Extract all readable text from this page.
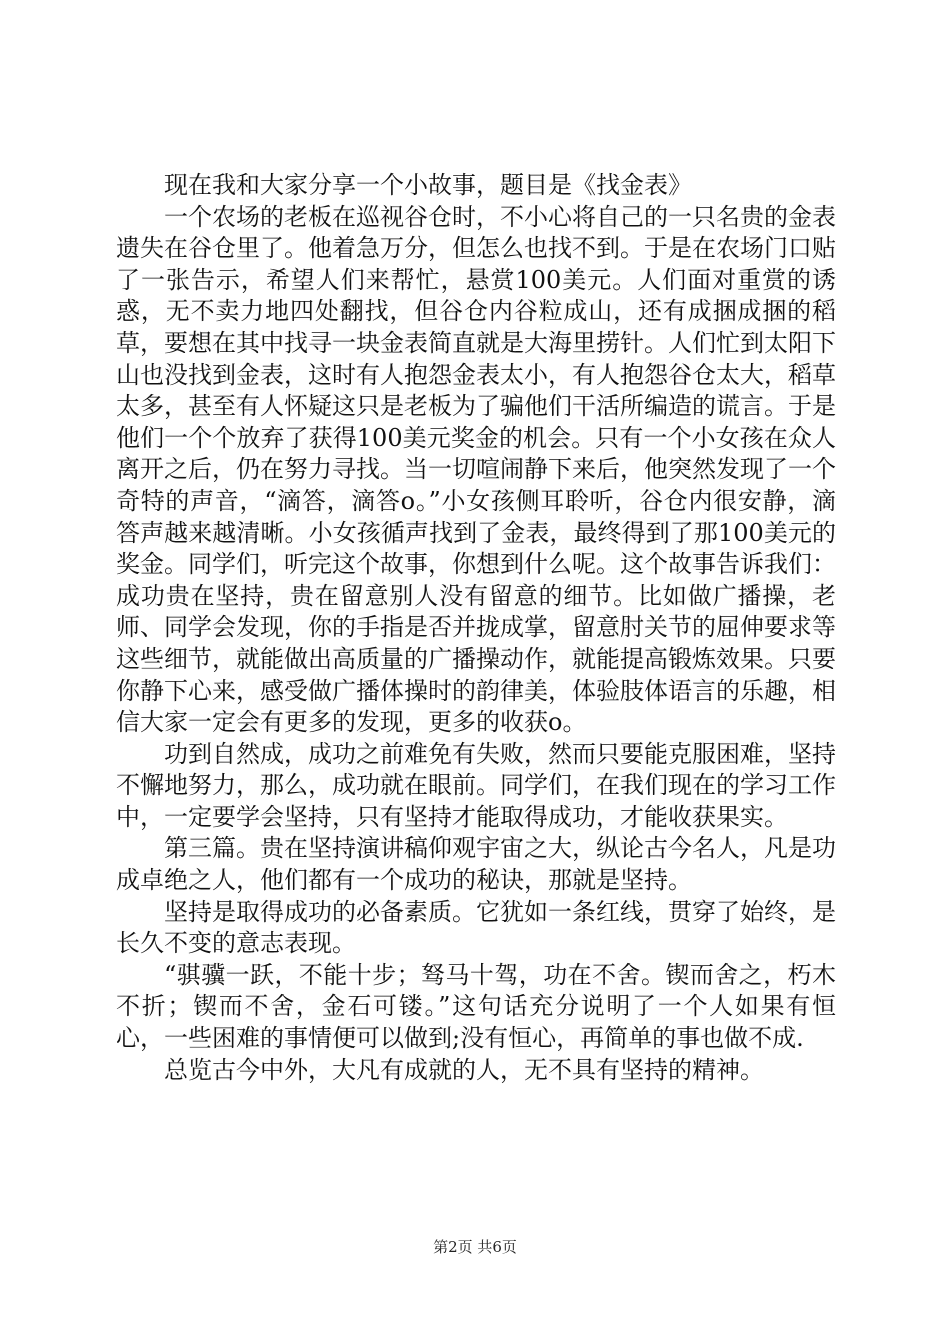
现在我和大家分享一个小故事，题目是《找金表》

一个农场的老板在巡视谷仓时，不小心将自己的一只名贵的金表遗失在谷仓里了。他着急万分，但怎么也找不到。于是在农场门口贴了一张告示，希望人们来帮忙，悬赏100美元。人们面对重赏的诱惑，无不卖力地四处翻找，但谷仓内谷粒成山，还有成捆成捆的稻草，要想在其中找寻一块金表简直就是大海里捞针。人们忙到太阳下山也没找到金表，这时有人抱怨金表太小，有人抱怨谷仓太大，稻草太多，甚至有人怀疑这只是老板为了骗他们干活所编造的谎言。于是他们一个个放弃了获得100美元奖金的机会。只有一个小女孩在众人离开之后，仍在努力寻找。当一切喧闹静下来后，他突然发现了一个奇特的声音，“滴答，滴答o。”小女孩侧耳聆听，谷仓内很安静，滴答声越来越清晰。小女孩循声找到了金表，最终得到了那100美元的奖金。同学们，听完这个故事，你想到什么呢。这个故事告诉我们：成功贵在坚持，贵在留意别人没有留意的细节。比如做广播操，老师、同学会发现，你的手指是否并拢成掌，留意肘关节的屈伸要求等这些细节，就能做出高质量的广播操动作，就能提高锻炼效果。只要你静下心来，感受做广播体操时的韵律美，体验肢体语言的乐趣，相信大家一定会有更多的发现，更多的收获o。

功到自然成，成功之前难免有失败，然而只要能克服困难，坚持不懈地努力，那么，成功就在眼前。同学们，在我们现在的学习工作中，一定要学会坚持，只有坚持才能取得成功，才能收获果实。

第三篇。贵在坚持演讲稿仰观宇宙之大，纵论古今名人，凡是功成卓绝之人，他们都有一个成功的秘诀，那就是坚持。

坚持是取得成功的必备素质。它犹如一条红线，贯穿了始终，是长久不变的意志表现。

“骐骥一跃，不能十步；驽马十驾，功在不舍。锲而舍之，朽木不折；锲而不舍，金石可镂。”这句话充分说明了一个人如果有恒心，一些困难的事情便可以做到;没有恒心，再简单的事也做不成.

总览古今中外，大凡有成就的人，无不具有坚持的精神。

第2页 共6页
